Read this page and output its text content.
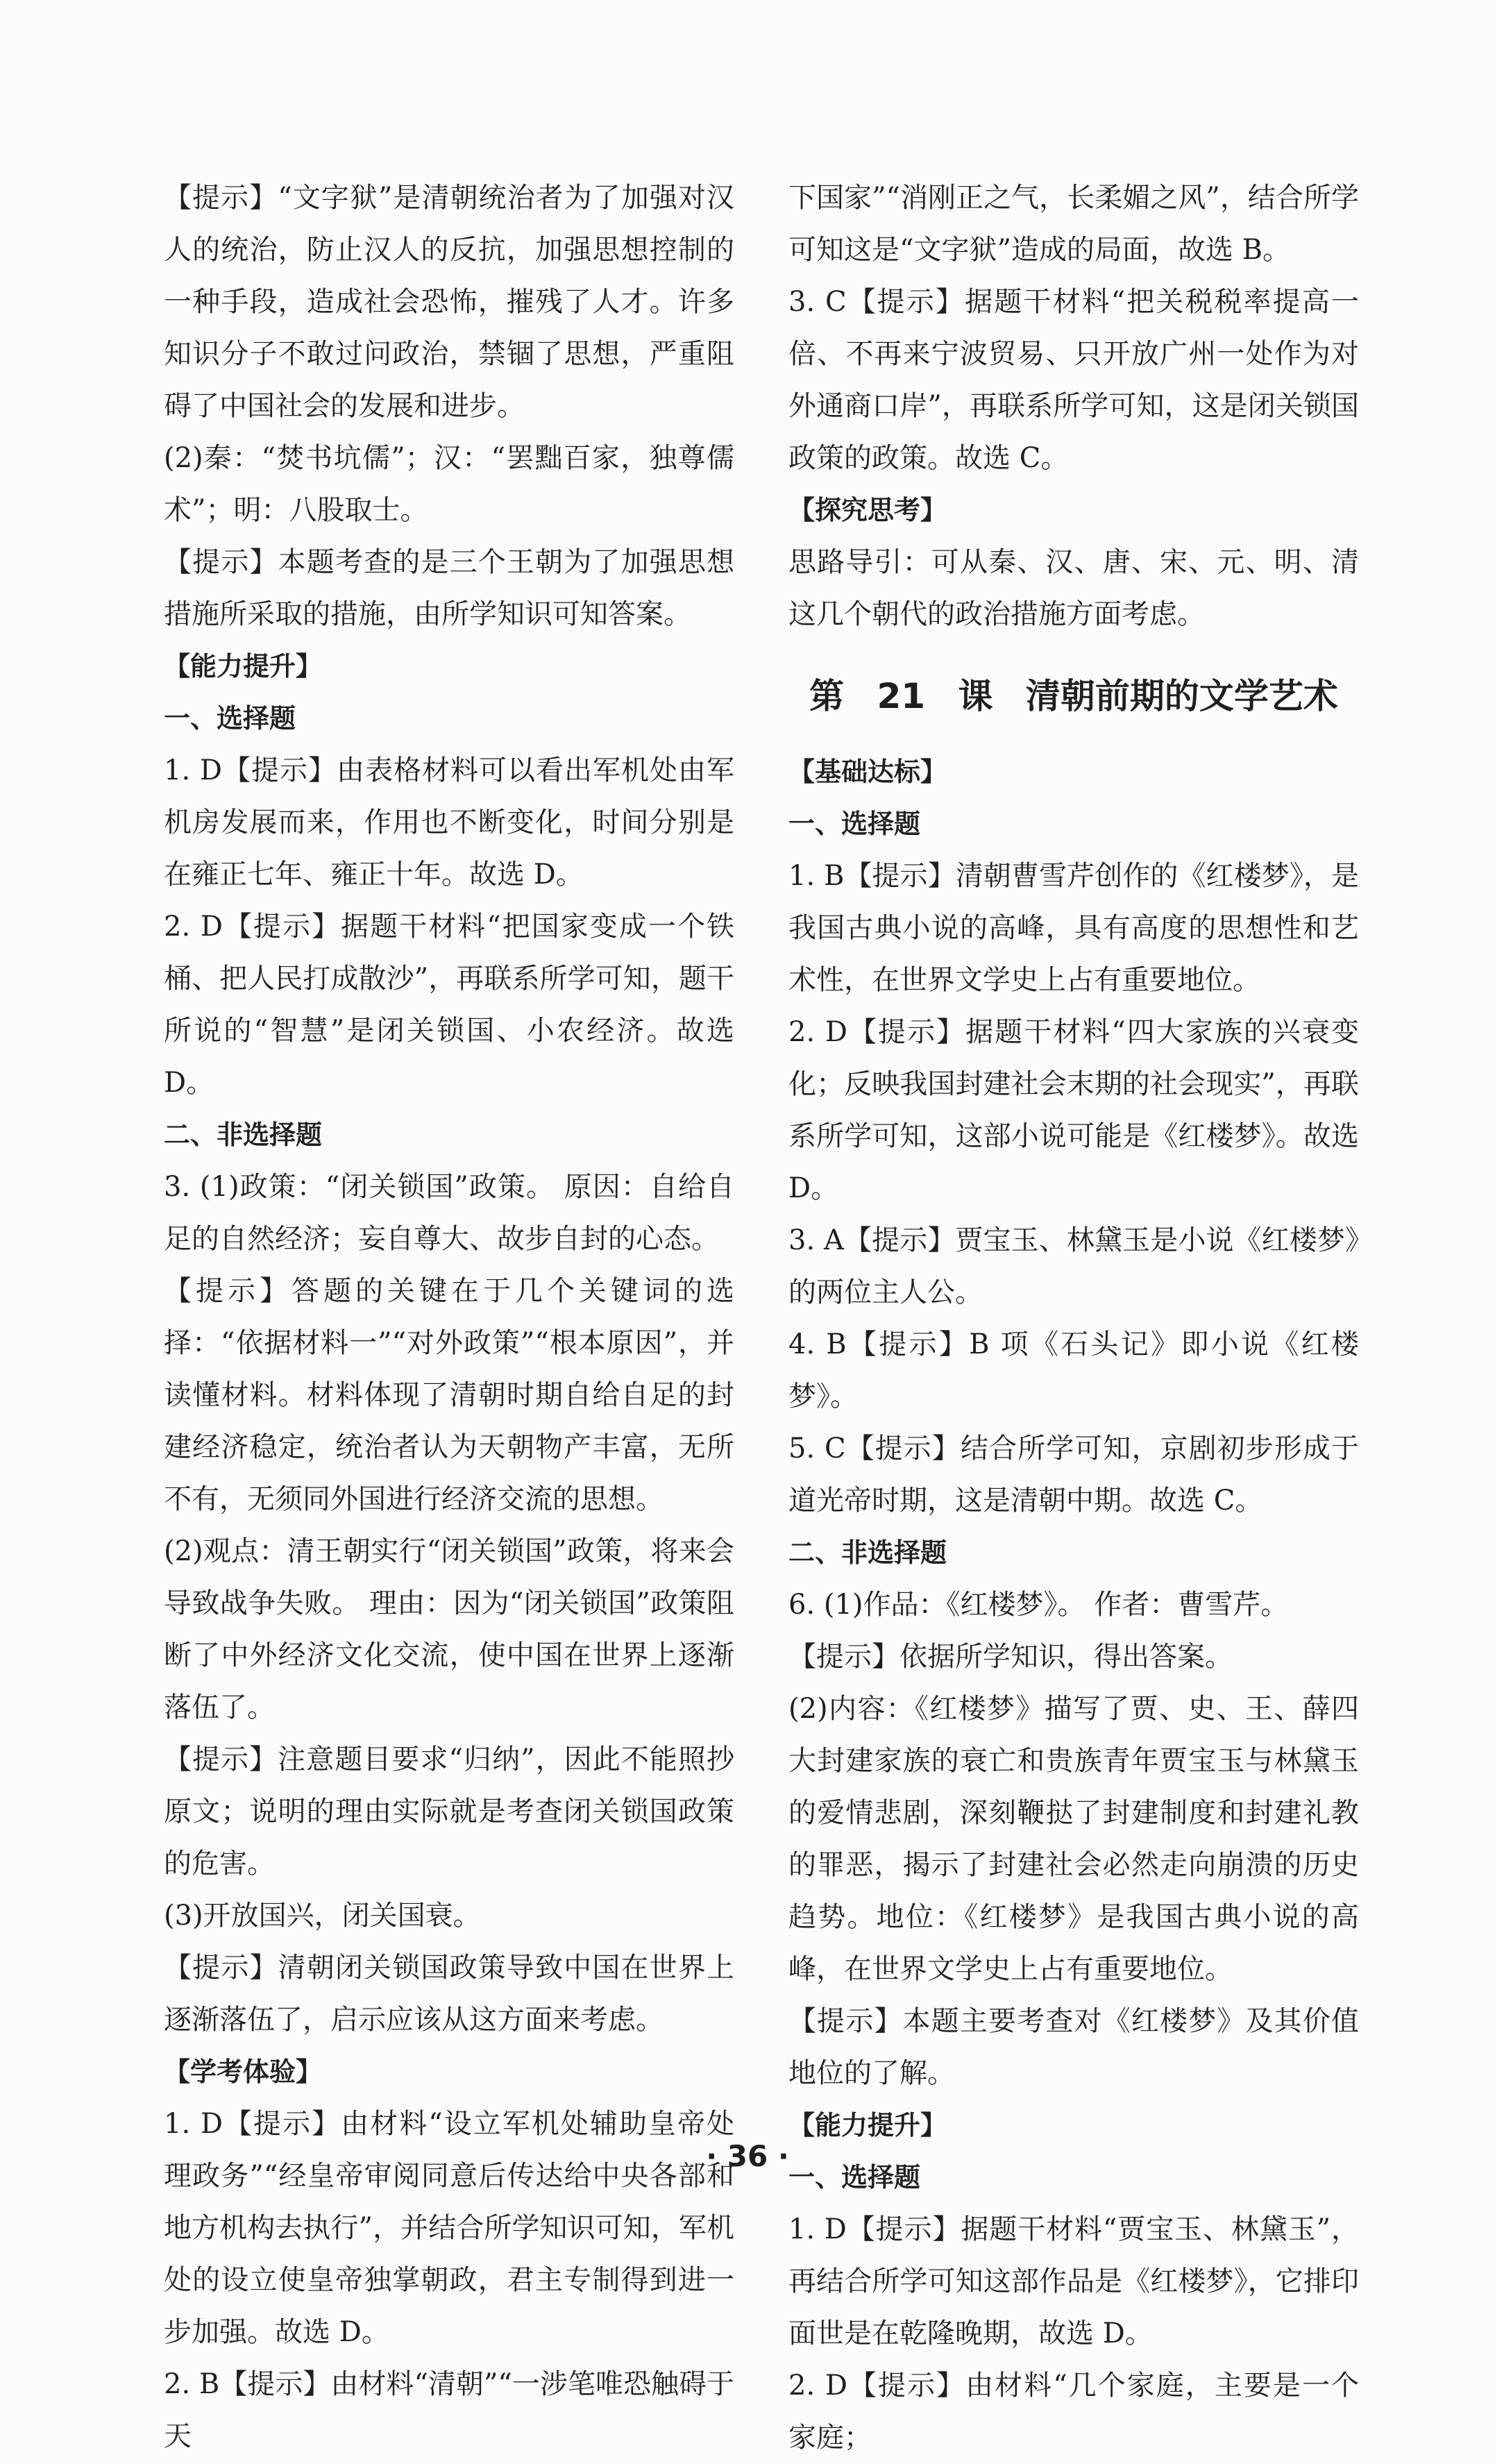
【提示】“文字狱”是清朝统治者为了加强对汉人的统治，防止汉人的反抗，加强思想控制的一种手段，造成社会恐怖，摧残了人才。许多知识分子不敢过问政治，禁锢了思想，严重阻碍了中国社会的发展和进步。
(2)秦：“焚书坑儒”；汉：“罢黜百家，独尊儒术”；明：八股取士。
【提示】本题考查的是三个王朝为了加强思想措施所采取的措施，由所学知识可知答案。
【能力提升】
一、选择题
1. D【提示】由表格材料可以看出军机处由军机房发展而来，作用也不断变化，时间分别是在雍正七年、雍正十年。故选 D。
2. D【提示】据题干材料“把国家变成一个铁桶、把人民打成散沙”，再联系所学可知，题干所说的“智慧”是闭关锁国、小农经济。故选 D。
二、非选择题
3. (1)政策：“闭关锁国”政策。 原因：自给自足的自然经济；妄自尊大、故步自封的心态。
【提示】答题的关键在于几个关键词的选择：“依据材料一”“对外政策”“根本原因”，并读懂材料。材料体现了清朝时期自给自足的封建经济稳定，统治者认为天朝物产丰富，无所不有，无须同外国进行经济交流的思想。
(2)观点：清王朝实行“闭关锁国”政策，将来会导致战争失败。 理由：因为“闭关锁国”政策阻断了中外经济文化交流，使中国在世界上逐渐落伍了。
【提示】注意题目要求“归纳”，因此不能照抄原文；说明的理由实际就是考查闭关锁国政策的危害。
(3)开放国兴，闭关国衰。
【提示】清朝闭关锁国政策导致中国在世界上逐渐落伍了，启示应该从这方面来考虑。
【学考体验】
1. D【提示】由材料“设立军机处辅助皇帝处理政务”“经皇帝审阅同意后传达给中央各部和地方机构去执行”，并结合所学知识可知，军机处的设立使皇帝独掌朝政，君主专制得到进一步加强。故选 D。
2. B【提示】由材料“清朝”“一涉笔唯恐触碍于天
下国家”“消刚正之气，长柔媚之风”，结合所学可知这是“文字狱”造成的局面，故选 B。
3. C【提示】据题干材料“把关税税率提高一倍、不再来宁波贸易、只开放广州一处作为对外通商口岸”，再联系所学可知，这是闭关锁国政策的政策。故选 C。
【探究思考】
思路导引：可从秦、汉、唐、宋、元、明、清这几个朝代的政治措施方面考虑。
第 21 课 清朝前期的文学艺术
【基础达标】
一、选择题
1. B【提示】清朝曹雪芹创作的《红楼梦》，是我国古典小说的高峰，具有高度的思想性和艺术性，在世界文学史上占有重要地位。
2. D【提示】据题干材料“四大家族的兴衰变化；反映我国封建社会末期的社会现实”，再联系所学可知，这部小说可能是《红楼梦》。故选 D。
3. A【提示】贾宝玉、林黛玉是小说《红楼梦》的两位主人公。
4. B【提示】B 项《石头记》即小说《红楼梦》。
5. C【提示】结合所学可知，京剧初步形成于道光帝时期，这是清朝中期。故选 C。
二、非选择题
6. (1)作品：《红楼梦》。 作者：曹雪芹。
【提示】依据所学知识，得出答案。
(2)内容：《红楼梦》描写了贾、史、王、薛四大封建家族的衰亡和贵族青年贾宝玉与林黛玉的爱情悲剧，深刻鞭挞了封建制度和封建礼教的罪恶，揭示了封建社会必然走向崩溃的历史趋势。地位：《红楼梦》是我国古典小说的高峰，在世界文学史上占有重要地位。
【提示】本题主要考查对《红楼梦》及其价值地位的了解。
【能力提升】
一、选择题
1. D【提示】据题干材料“贾宝玉、林黛玉”，再结合所学可知这部作品是《红楼梦》，它排印面世是在乾隆晚期，故选 D。
2. D【提示】由材料“几个家庭，主要是一个家庭；
· 36 ·
